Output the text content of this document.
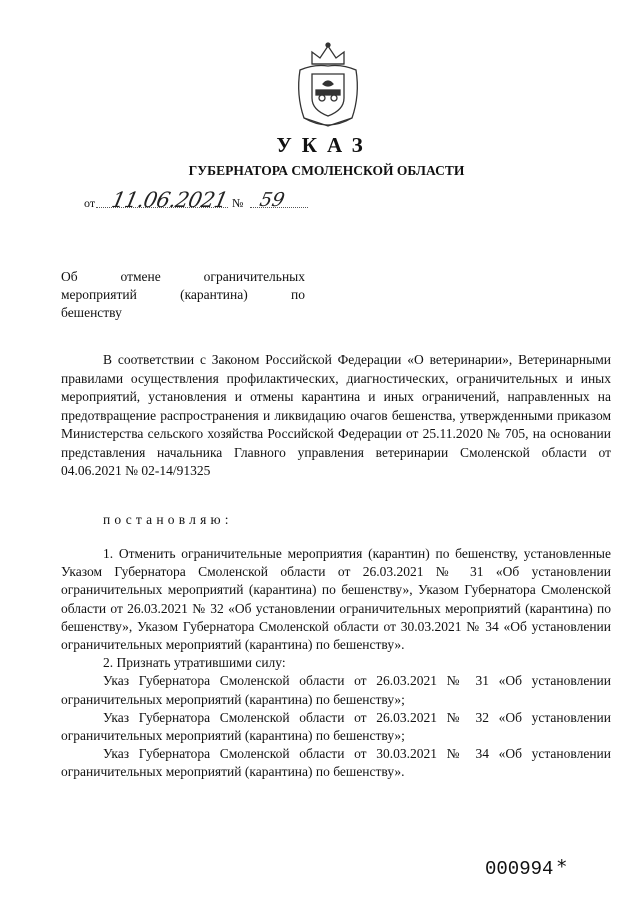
УКАЗ
ГУБЕРНАТОРА СМОЛЕНСКОЙ ОБЛАСТИ
от 11.06.2021 № 59
Об	отмене	ограничительных
мероприятий	(карантина)	по
бешенству

В соответствии с Законом Российской Федерации «О ветеринарии», Ветеринарными правилами осуществления профилактических, диагностических, ограничительных и иных мероприятий, установления и отмены карантина и иных ограничений, направленных на предотвращение распространения и ликвидацию очагов бешенства, утвержденными приказом Министерства сельского хозяйства Российской Федерации от 25.11.2020 № 705, на основании представления начальника Главного управления ветеринарии Смоленской области от 04.06.2021 № 02-14/91325

постановляю:

1. Отменить ограничительные мероприятия (карантин) по бешенству, установленные Указом Губернатора Смоленской области от 26.03.2021 № 31 «Об установлении ограничительных мероприятий (карантина) по бешенству», Указом Губернатора Смоленской области от 26.03.2021 № 32 «Об установлении ограничительных мероприятий (карантина) по бешенству», Указом Губернатора Смоленской области от 30.03.2021 № 34 «Об установлении ограничительных мероприятий (карантина) по бешенству».

2. Признать утратившими силу:

Указ Губернатора Смоленской области от 26.03.2021 № 31 «Об установлении ограничительных мероприятий (карантина) по бешенству»;

Указ Губернатора Смоленской области от 26.03.2021 № 32 «Об установлении ограничительных мероприятий (карантина) по бешенству»;

Указ Губернатора Смоленской области от 30.03.2021 № 34 «Об установлении ограничительных мероприятий (карантина) по бешенству».

000994 *
